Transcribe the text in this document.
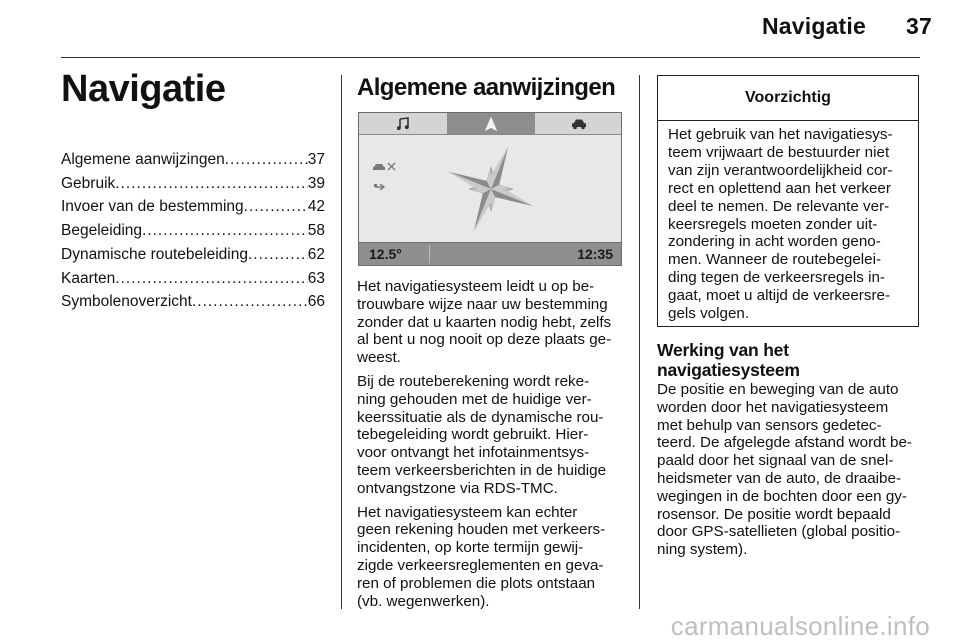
Navigatie 37
Navigatie
Algemene aanwijzingen .....	37
Gebruik .....	39
Invoer van de bestemming .....	42
Begeleiding .....	58
Dynamische routebeleiding .....	62
Kaarten .....	63
Symbolenoverzicht .....	66
Algemene aanwijzingen
12.5°	12:35

Het navigatiesysteem leidt u op be-
trouwbare wijze naar uw bestemming
zonder dat u kaarten nodig hebt, zelfs
al bent u nog nooit op deze plaats ge-
weest.

Bij de routeberekening wordt reke-
ning gehouden met de huidige ver-
keerssituatie als de dynamische rou-
tebegeleiding wordt gebruikt. Hier-
voor ontvangt het infotainmentsys-
teem verkeersberichten in de huidige
ontvangstzone via RDS-TMC.

Het navigatiesysteem kan echter
geen rekening houden met verkeers-
incidenten, op korte termijn gewij-
zigde verkeersreglementen en geva-
ren of problemen die plots ontstaan
(vb. wegenwerken).

Voorzichtig
Het gebruik van het navigatiesys-
teem vrijwaart de bestuurder niet
van zijn verantwoordelijkheid cor-
rect en oplettend aan het verkeer
deel te nemen. De relevante ver-
keersregels moeten zonder uit-
zondering in acht worden geno-
men. Wanneer de routebegelei-
ding tegen de verkeersregels in-
gaat, moet u altijd de verkeersre-
gels volgen.
Werking van het
navigatiesysteem

De positie en beweging van de auto
worden door het navigatiesysteem
met behulp van sensors gedetec-
teerd. De afgelegde afstand wordt be-
paald door het signaal van de snel-
heidsmeter van de auto, de draaibe-
wegingen in de bochten door een gy-
rosensor. De positie wordt bepaald
door GPS-satellieten (global positio-
ning system).

carmanualsonline.info
